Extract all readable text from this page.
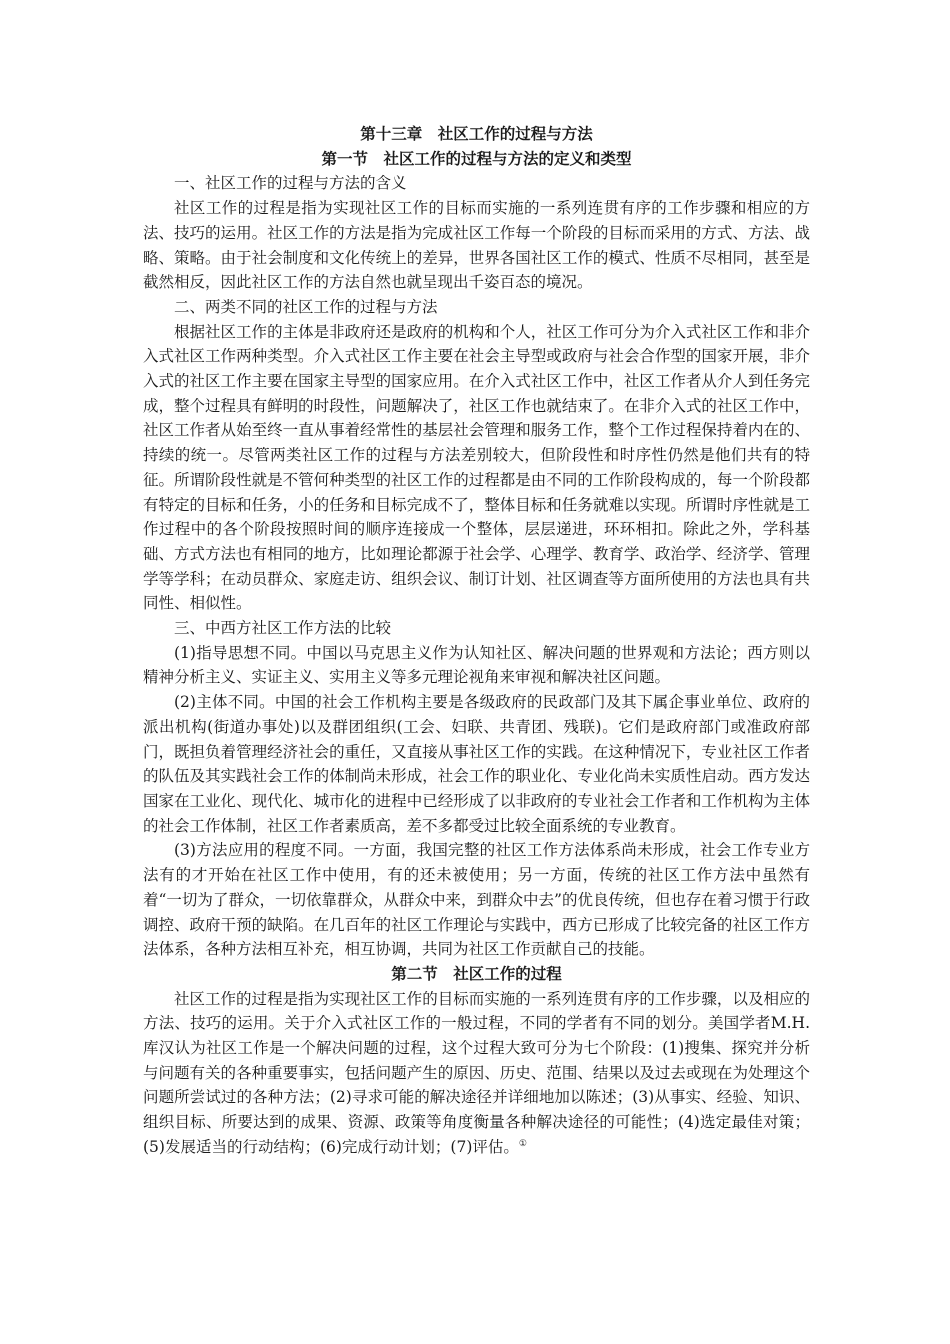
第十三章　社区工作的过程与方法

第一节　社区工作的过程与方法的定义和类型

一、社区工作的过程与方法的含义

社区工作的过程是指为实现社区工作的目标而实施的一系列连贯有序的工作步骤和相应的方法、技巧的运用。社区工作的方法是指为完成社区工作每一个阶段的目标而采用的方式、方法、战略、策略。由于社会制度和文化传统上的差异，世界各国社区工作的模式、性质不尽相同，甚至是截然相反，因此社区工作的方法自然也就呈现出千姿百态的境况。

二、两类不同的社区工作的过程与方法

根据社区工作的主体是非政府还是政府的机构和个人，社区工作可分为介入式社区工作和非介入式社区工作两种类型。介入式社区工作主要在社会主导型或政府与社会合作型的国家开展，非介入式的社区工作主要在国家主导型的国家应用。在介入式社区工作中，社区工作者从介人到任务完成，整个过程具有鲜明的时段性，问题解决了，社区工作也就结束了。在非介入式的社区工作中，社区工作者从始至终一直从事着经常性的基层社会管理和服务工作，整个工作过程保持着内在的、持续的统一。尽管两类社区工作的过程与方法差别较大，但阶段性和时序性仍然是他们共有的特征。所谓阶段性就是不管何种类型的社区工作的过程都是由不同的工作阶段构成的，每一个阶段都有特定的目标和任务，小的任务和目标完成不了，整体目标和任务就难以实现。所谓时序性就是工作过程中的各个阶段按照时间的顺序连接成一个整体，层层递进，环环相扣。除此之外，学科基础、方式方法也有相同的地方，比如理论都源于社会学、心理学、教育学、政治学、经济学、管理学等学科；在动员群众、家庭走访、组织会议、制订计划、社区调查等方面所使用的方法也具有共同性、相似性。

三、中西方社区工作方法的比较

(1)指导思想不同。中国以马克思主义作为认知社区、解决问题的世界观和方法论；西方则以精神分析主义、实证主义、实用主义等多元理论视角来审视和解决社区问题。

(2)主体不同。中国的社会工作机构主要是各级政府的民政部门及其下属企事业单位、政府的派出机构(街道办事处)以及群团组织(工会、妇联、共青团、残联)。它们是政府部门或准政府部门，既担负着管理经济社会的重任，又直接从事社区工作的实践。在这种情况下，专业社区工作者的队伍及其实践社会工作的体制尚未形成，社会工作的职业化、专业化尚未实质性启动。西方发达国家在工业化、现代化、城市化的进程中已经形成了以非政府的专业社会工作者和工作机构为主体的社会工作体制，社区工作者素质高，差不多都受过比较全面系统的专业教育。

(3)方法应用的程度不同。一方面，我国完整的社区工作方法体系尚未形成，社会工作专业方法有的才开始在社区工作中使用，有的还未被使用；另一方面，传统的社区工作方法中虽然有着“一切为了群众，一切依靠群众，从群众中来，到群众中去”的优良传统，但也存在着习惯于行政调控、政府干预的缺陷。在几百年的社区工作理论与实践中，西方已形成了比较完备的社区工作方法体系，各种方法相互补充，相互协调，共同为社区工作贡献自己的技能。

第二节　社区工作的过程

社区工作的过程是指为实现社区工作的目标而实施的一系列连贯有序的工作步骤，以及相应的方法、技巧的运用。关于介入式社区工作的一般过程，不同的学者有不同的划分。美国学者M.H.库汉认为社区工作是一个解决问题的过程，这个过程大致可分为七个阶段：(1)搜集、探究并分析与问题有关的各种重要事实，包括问题产生的原因、历史、范围、结果以及过去或现在为处理这个问题所尝试过的各种方法；(2)寻求可能的解决途径并详细地加以陈述；(3)从事实、经验、知识、组织目标、所要达到的成果、资源、政策等角度衡量各种解决途径的可能性；(4)选定最佳对策；(5)发展适当的行动结构；(6)完成行动计划；(7)评估。①
